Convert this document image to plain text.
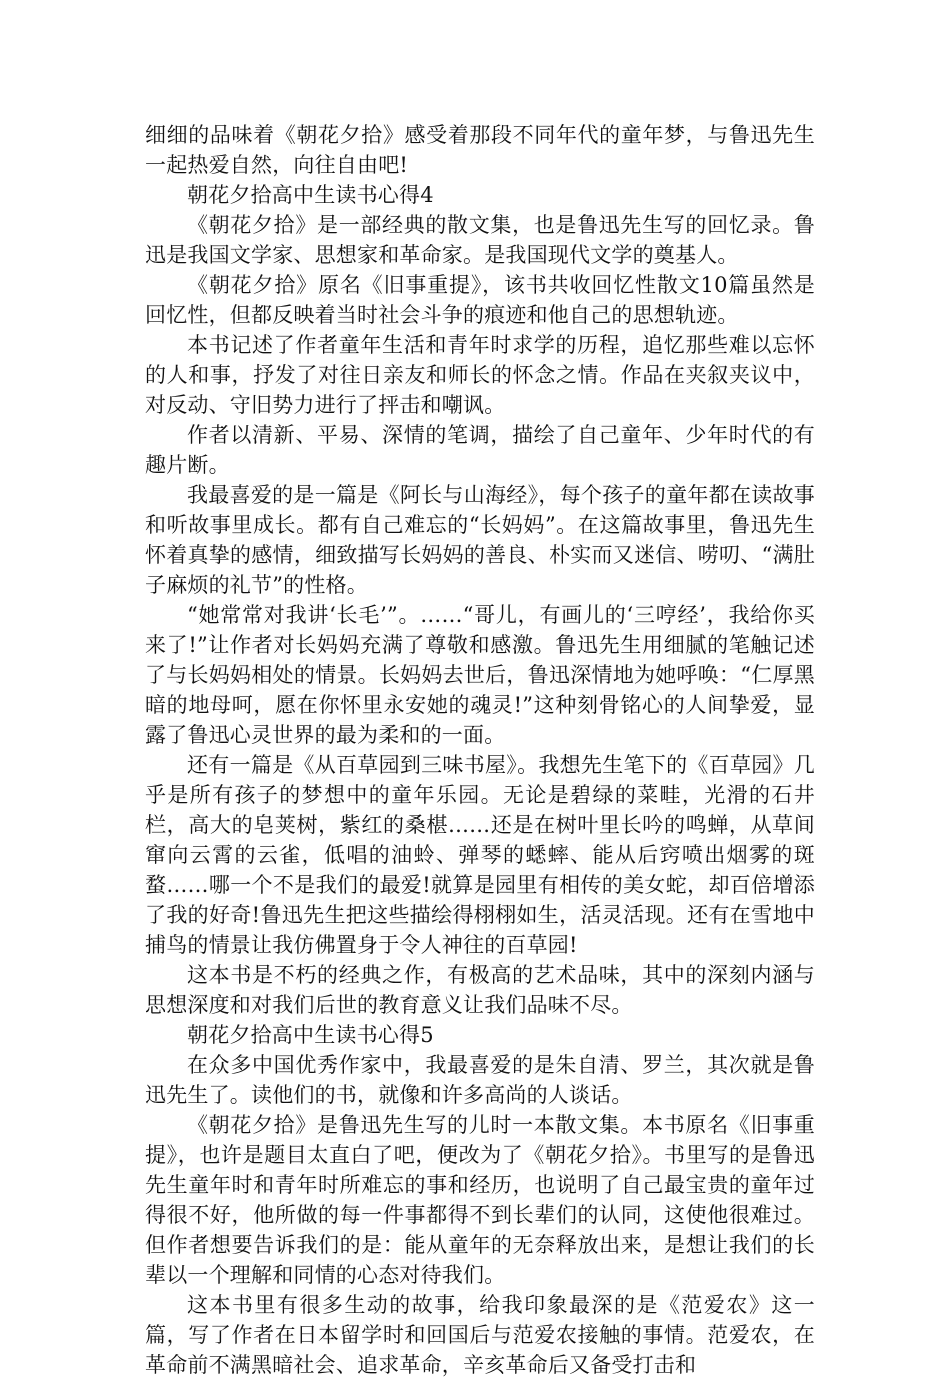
细细的品味着《朝花夕拾》感受着那段不同年代的童年梦，与鲁迅先生一起热爱自然，向往自由吧!

朝花夕拾高中生读书心得4

《朝花夕拾》是一部经典的散文集，也是鲁迅先生写的回忆录。鲁迅是我国文学家、思想家和革命家。是我国现代文学的奠基人。

《朝花夕拾》原名《旧事重提》，该书共收回忆性散文10篇虽然是回忆性，但都反映着当时社会斗争的痕迹和他自己的思想轨迹。

本书记述了作者童年生活和青年时求学的历程，追忆那些难以忘怀的人和事，抒发了对往日亲友和师长的怀念之情。作品在夹叙夹议中，对反动、守旧势力进行了抨击和嘲讽。

作者以清新、平易、深情的笔调，描绘了自己童年、少年时代的有趣片断。

我最喜爱的是一篇是《阿长与山海经》，每个孩子的童年都在读故事和听故事里成长。都有自己难忘的“长妈妈”。在这篇故事里，鲁迅先生怀着真挚的感情，细致描写长妈妈的善良、朴实而又迷信、唠叨、“满肚子麻烦的礼节”的性格。

“她常常对我讲‘长毛’”。……“哥儿，有画儿的‘三哼经’，我给你买来了!”让作者对长妈妈充满了尊敬和感激。鲁迅先生用细腻的笔触记述了与长妈妈相处的情景。长妈妈去世后，鲁迅深情地为她呼唤：“仁厚黑暗的地母呵，愿在你怀里永安她的魂灵!”这种刻骨铭心的人间挚爱，显露了鲁迅心灵世界的最为柔和的一面。

还有一篇是《从百草园到三味书屋》。我想先生笔下的《百草园》几乎是所有孩子的梦想中的童年乐园。无论是碧绿的菜畦，光滑的石井栏，高大的皂荚树，紫红的桑椹……还是在树叶里长吟的鸣蝉，从草间窜向云霄的云雀，低唱的油蛉、弹琴的蟋蟀、能从后窍喷出烟雾的斑蝥……哪一个不是我们的最爱!就算是园里有相传的美女蛇，却百倍增添了我的好奇!鲁迅先生把这些描绘得栩栩如生，活灵活现。还有在雪地中捕鸟的情景让我仿佛置身于令人神往的百草园!

这本书是不朽的经典之作，有极高的艺术品味，其中的深刻内涵与思想深度和对我们后世的教育意义让我们品味不尽。

朝花夕拾高中生读书心得5

在众多中国优秀作家中，我最喜爱的是朱自清、罗兰，其次就是鲁迅先生了。读他们的书，就像和许多高尚的人谈话。

《朝花夕拾》是鲁迅先生写的儿时一本散文集。本书原名《旧事重提》，也许是题目太直白了吧，便改为了《朝花夕拾》。书里写的是鲁迅先生童年时和青年时所难忘的事和经历，也说明了自己最宝贵的童年过得很不好，他所做的每一件事都得不到长辈们的认同，这使他很难过。但作者想要告诉我们的是：能从童年的无奈释放出来，是想让我们的长辈以一个理解和同情的心态对待我们。

这本书里有很多生动的故事，给我印象最深的是《范爱农》这一篇，写了作者在日本留学时和回国后与范爱农接触的事情。范爱农，在革命前不满黑暗社会、追求革命，辛亥革命后又备受打击和
